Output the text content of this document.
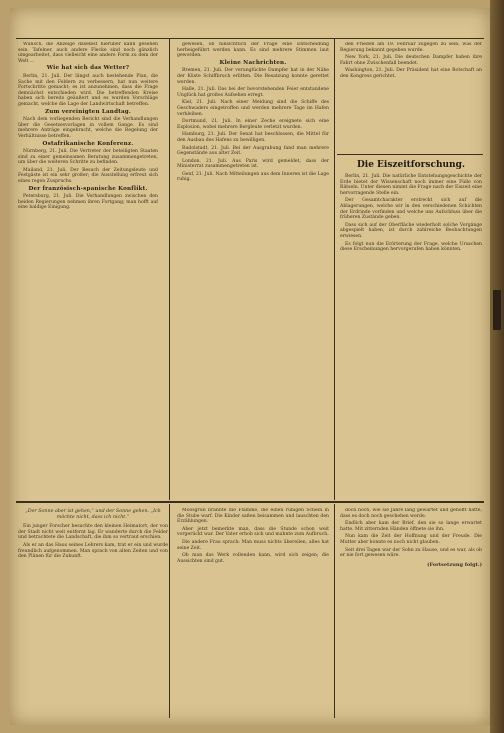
Wunsch, die Anzeige daselbst hierüber kann gesehen sein. Tafelner, auch andere Flecke sind noch gänzlich umgearbeitet, dass vielleicht eine andere Form zu dem der Welt ...

Wie hat sich das Wetter?

Berlin, 21. Juli. Der längst auch bestehende Plan, die Sache mit den Feldern zu verbessern, hat nun weitere Fortschritte gemacht; es ist anzunehmen, dass die Frage demnächst entschieden wird. Die betreffenden Kreise haben sich bereits geäußert und es wurden Vorschläge gemacht, welche die Lage der Landwirtschaft betreffen.

Zum vereinigten Landtag.

Nach dem vorliegenden Bericht sind die Verhandlungen über die Gesetzesvorlagen in vollem Gange. Es sind mehrere Anträge eingebracht, welche die Regelung der Verhältnisse betreffen.

Ostafrikanische Konferenz.

Nürnberg, 21. Juli. Die Vertreter der beteiligten Staaten sind zu einer gemeinsamen Beratung zusammengetreten, um über die weiteren Schritte zu befinden.

Mailand, 21. Juli. Der Besuch der Zeitungsleute und Festgäste ist ein sehr großer; die Ausstellung erfreut sich eines regen Zuspruchs.

Der französisch-spanische Konflikt.

Petersburg, 21. Juli. Die Verhandlungen zwischen den beiden Regierungen nehmen ihren Fortgang; man hofft auf eine baldige Einigung.

gewesen, ob hinsichtlich der Frage eine Entscheidung herbeigeführt werden kann. Es sind mehrere Stimmen laut geworden.

Kleine Nachrichten.

Bremen, 21. Juli. Der verunglückte Dampfer hat in der Nähe der Küste Schiffbruch erlitten. Die Besatzung konnte gerettet werden.

Halle, 21. Juli. Das bei der bevorstehenden Feier entstandene Unglück hat großes Aufsehen erregt.

Kiel, 21. Juli. Nach einer Meldung sind die Schiffe des Geschwaders eingetroffen und werden mehrere Tage im Hafen verbleiben.

Dortmund, 21. Juli. In einer Zeche ereignete sich eine Explosion, wobei mehrere Bergleute verletzt wurden.

Hamburg, 21. Juli. Der Senat hat beschlossen, die Mittel für den Ausbau des Hafens zu bewilligen.

Rudolstadt, 21. Juli. Bei der Ausgrabung fand man mehrere Gegenstände aus alter Zeit.

London, 21. Juli. Aus Paris wird gemeldet, dass der Ministerrat zusammengetreten ist.

Genf, 21. Juli. Nach Mitteilungen aus dem Inneren ist die Lage ruhig.

den Frieden am 19. Februar zugegen zu sein, was der Regierung bekannt gegeben wurde.

New York, 21. Juli. Die deutschen Dampfer haben ihre Fahrt ohne Zwischenfall beendet.

Washington, 21. Juli. Der Präsident hat eine Botschaft an den Kongress gerichtet.

Die Eiszeitforschung.

Berlin, 21. Juli. Die natürliche Entstehungsgeschichte der Erde bietet der Wissenschaft noch immer eine Fülle von Rätseln. Unter diesen nimmt die Frage nach der Eiszeit eine hervorragende Stelle ein.

Der Gesamtcharakter erstreckt sich auf die Ablagerungen, welche wir in den verschiedenen Schichten der Erdrinde vorfinden und welche uns Aufschluss über die früheren Zustände geben.

Dass sich auf der Oberfläche wiederholt solche Vorgänge abgespielt haben, ist durch zahlreiche Beobachtungen erwiesen.

Es folgt nun die Erörterung der Frage, welche Ursachen diese Erscheinungen hervorgerufen haben könnten.

„Der Sonne aber ist gehen,“ und der Sonne gehen. „Ich möchte nicht, dass ich nicht.“

Ein junger Forscher besuchte den kleinen Heimatort, der von der Stadt nicht weit entfernt lag. Er wanderte durch die Felder und betrachtete die Landschaft, die ihm so vertraut erschien.

Als er an das Haus seines Lehrers kam, trat er ein und wurde freundlich aufgenommen. Man sprach von alten Zeiten und von den Plänen für die Zukunft.

Moosgrün brannte die Flamme, die einen ruhigen Schein in die Stube warf. Die Kinder saßen beisammen und lauschten den Erzählungen.

Aber jetzt bemerkte man, dass die Stunde schon weit vorgerückt war. Der Vater erhob sich und mahnte zum Aufbruch.

Die andere Frau sprach: Man muss nichts übereilen, alles hat seine Zeit.

Ob man das Werk vollenden kann, wird sich zeigen; die Aussichten sind gut.

doch noch, wie sie Jahre lang gewartet und gehofft hatte, dass es doch noch geschehen werde.

Endlich aber kam der Brief, den sie so lange erwartet hatte. Mit zitternden Händen öffnete sie ihn.

Nun kam die Zeit der Hoffnung und der Freude. Die Mutter aber konnte es noch nicht glauben.

Seit drei Tagen war der Sohn zu Hause, und es war, als ob er nie fort gewesen wäre.

(Fortsetzung folgt.)
